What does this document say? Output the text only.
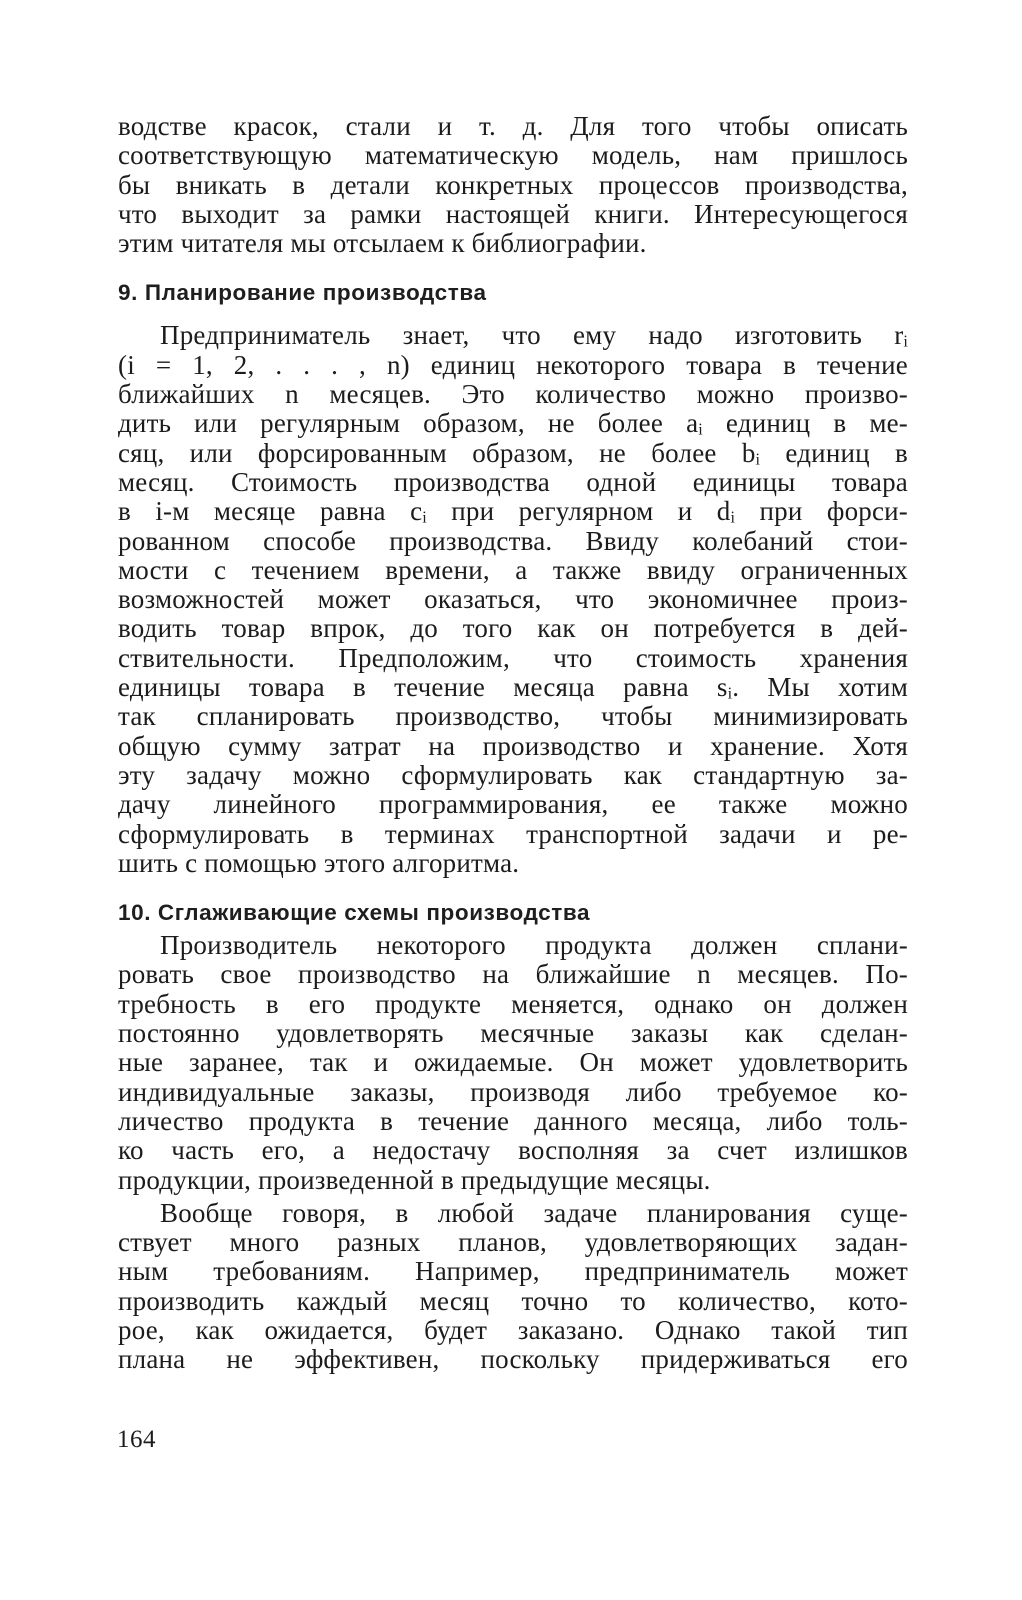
водстве красок, стали и т. д. Для того чтобы описать
соответствующую математическую модель, нам пришлось
бы вникать в детали конкретных процессов производства,
что выходит за рамки настоящей книги. Интересующегося
этим читателя мы отсылаем к библиографии.
9. Планирование производства
Предприниматель знает, что ему надо изготовить rᵢ
(i = 1, 2, . . . , n) единиц некоторого товара в течение
ближайших n месяцев. Это количество можно произво-
дить или регулярным образом, не более aᵢ единиц в ме-
сяц, или форсированным образом, не более bᵢ единиц в
месяц. Стоимость производства одной единицы товара
в i-м месяце равна cᵢ при регулярном и dᵢ при форси-
рованном способе производства. Ввиду колебаний стои-
мости с течением времени, а также ввиду ограниченных
возможностей может оказаться, что экономичнее произ-
водить товар впрок, до того как он потребуется в дей-
ствительности. Предположим, что стоимость хранения
единицы товара в течение месяца равна sᵢ. Мы хотим
так спланировать производство, чтобы минимизировать
общую сумму затрат на производство и хранение. Хотя
эту задачу можно сформулировать как стандартную за-
дачу линейного программирования, ее также можно
сформулировать в терминах транспортной задачи и ре-
шить с помощью этого алгоритма.
10. Сглаживающие схемы производства
Производитель некоторого продукта должен сплани-
ровать свое производство на ближайшие n месяцев. По-
требность в его продукте меняется, однако он должен
постоянно удовлетворять месячные заказы как сделан-
ные заранее, так и ожидаемые. Он может удовлетворить
индивидуальные заказы, производя либо требуемое ко-
личество продукта в течение данного месяца, либо толь-
ко часть его, а недостачу восполняя за счет излишков
продукции, произведенной в предыдущие месяцы.
Вообще говоря, в любой задаче планирования суще-
ствует много разных планов, удовлетворяющих задан-
ным требованиям. Например, предприниматель может
производить каждый месяц точно то количество, кото-
рое, как ожидается, будет заказано. Однако такой тип
плана не эффективен, поскольку придерживаться его
164
